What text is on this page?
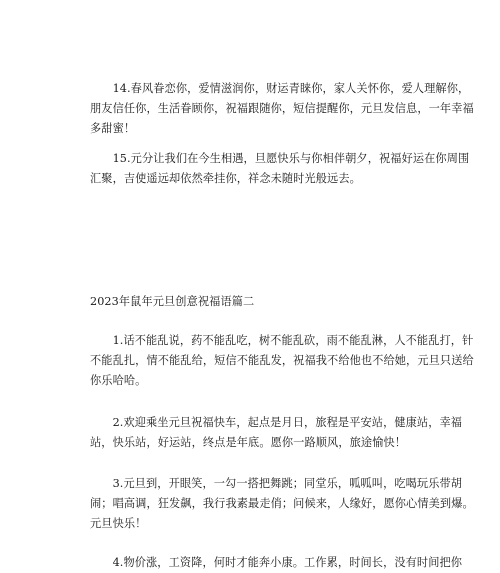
　　14.春风眷恋你，爱情滋润你，财运青睐你，家人关怀你，爱人理解你，
朋友信任你，生活眷顾你，祝福跟随你，短信提醒你，元旦发信息，一年幸福
多甜蜜！

　　15.元分让我们在今生相遇，旦愿快乐与你相伴朝夕，祝福好运在你周围
汇聚，吉使遥远却依然牵挂你，祥念未随时光般远去。

2023年鼠年元旦创意祝福语篇二

　　1.话不能乱说，药不能乱吃，树不能乱砍，雨不能乱淋，人不能乱打，针
不能乱扎，情不能乱给，短信不能乱发，祝福我不给他也不给她，元旦只送给
你乐哈哈。

　　2.欢迎乘坐元旦祝福快车，起点是月日，旅程是平安站，健康站，幸福
站，快乐站，好运站，终点是年底。愿你一路顺风，旅途愉快！

　　3.元旦到，开眼笑，一勾一搭把舞跳；同堂乐，呱呱叫，吃喝玩乐带胡
闹；唱高调，狂发飙，我行我素最走俏；问候来，人缘好，愿你心情美到爆。
元旦快乐！

　　4.物价涨，工资降，何时才能奔小康。工作累，时间长，没有时间把你
